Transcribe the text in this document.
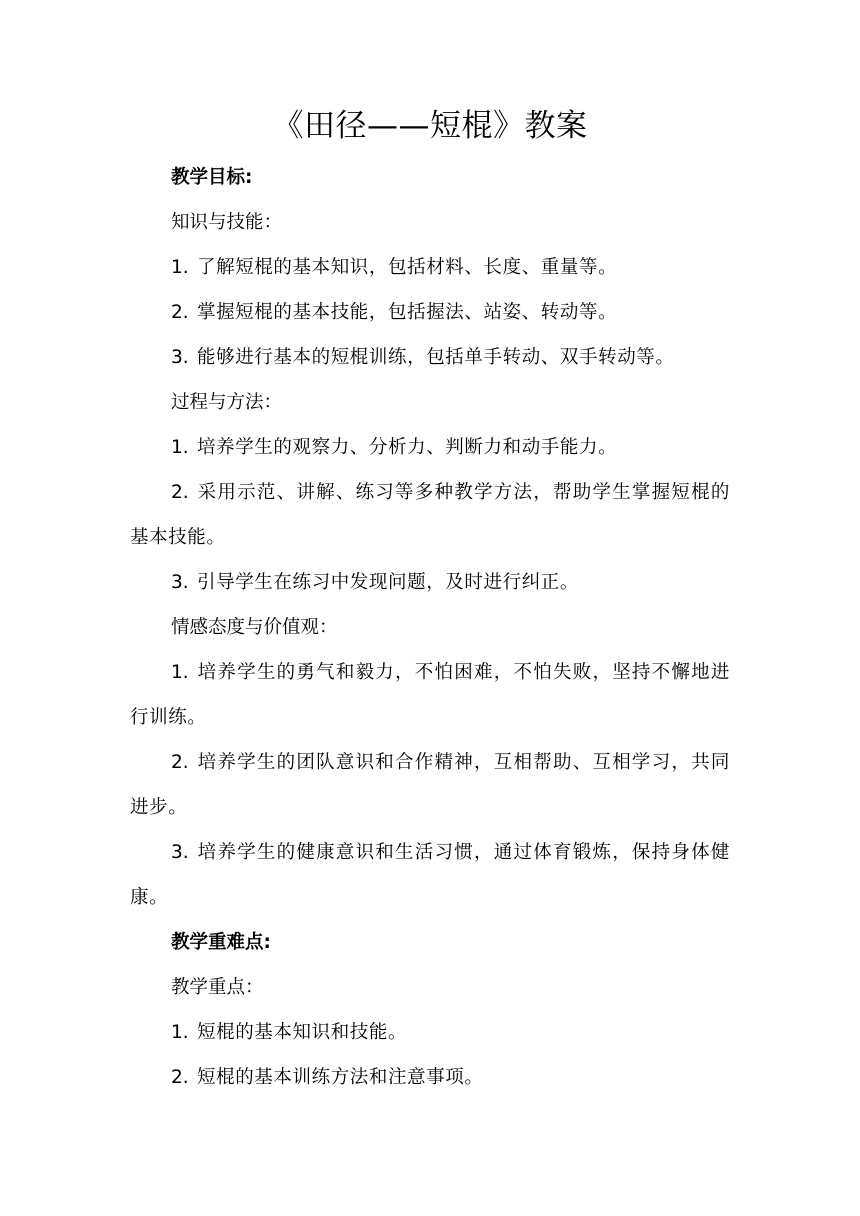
《田径——短棍》教案
教学目标:
知识与技能：
1. 了解短棍的基本知识，包括材料、长度、重量等。
2. 掌握短棍的基本技能，包括握法、站姿、转动等。
3. 能够进行基本的短棍训练，包括单手转动、双手转动等。
过程与方法：
1. 培养学生的观察力、分析力、判断力和动手能力。
2. 采用示范、讲解、练习等多种教学方法，帮助学生掌握短棍的基本技能。
3. 引导学生在练习中发现问题，及时进行纠正。
情感态度与价值观：
1. 培养学生的勇气和毅力，不怕困难，不怕失败，坚持不懈地进行训练。
2. 培养学生的团队意识和合作精神，互相帮助、互相学习，共同进步。
3. 培养学生的健康意识和生活习惯，通过体育锻炼，保持身体健康。
教学重难点:
教学重点：
1. 短棍的基本知识和技能。
2. 短棍的基本训练方法和注意事项。
